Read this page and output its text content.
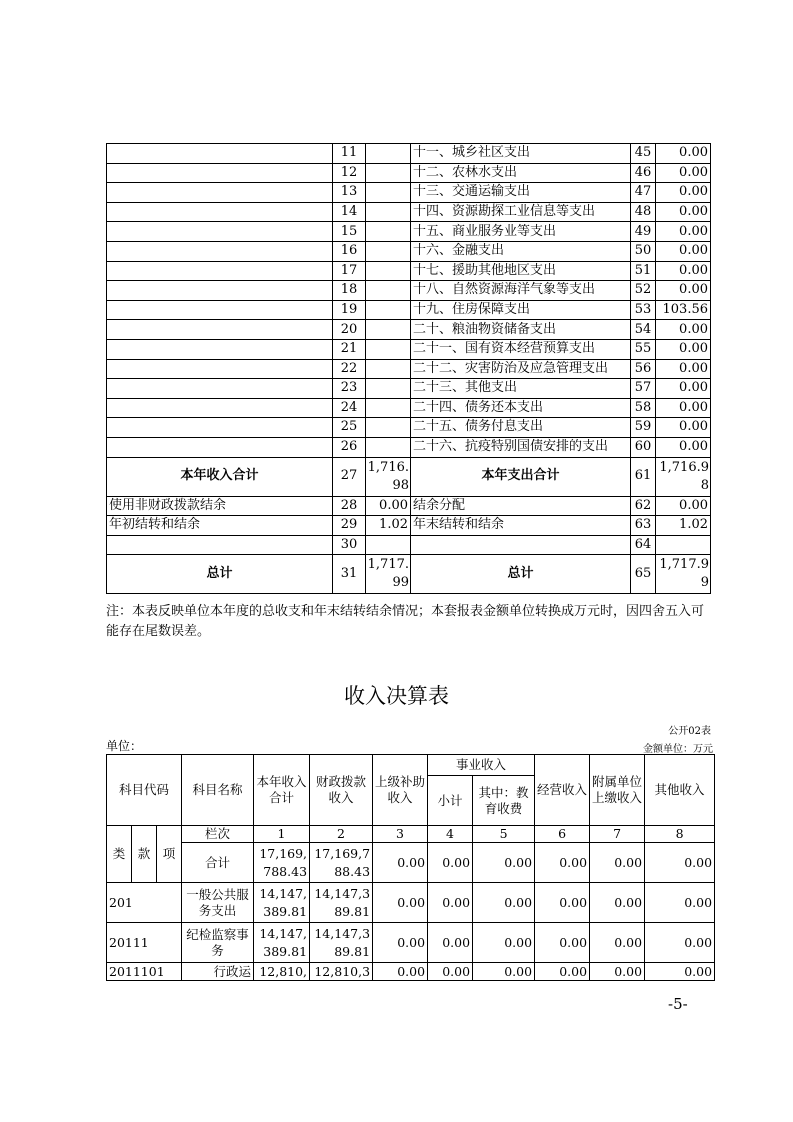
	11		十一、城乡社区支出	45	0.00
	12		十二、农林水支出	46	0.00
	13		十三、交通运输支出	47	0.00
	14		十四、资源勘探工业信息等支出	48	0.00
	15		十五、商业服务业等支出	49	0.00
	16		十六、金融支出	50	0.00
	17		十七、援助其他地区支出	51	0.00
	18		十八、自然资源海洋气象等支出	52	0.00
	19		十九、住房保障支出	53	103.56
	20		二十、粮油物资储备支出	54	0.00
	21		二十一、国有资本经营预算支出	55	0.00
	22		二十二、灾害防治及应急管理支出	56	0.00
	23		二十三、其他支出	57	0.00
	24		二十四、债务还本支出	58	0.00
	25		二十五、债务付息支出	59	0.00
	26		二十六、抗疫特别国债安排的支出	60	0.00
本年收入合计	27	1,716.98	本年支出合计	61	1,716.98
使用非财政拨款结余	28	0.00	结余分配	62	0.00
年初结转和结余	29	1.02	年末结转和结余	63	1.02
	30			64	
总计	31	1,717.99	总计	65	1,717.99
注：本表反映单位本年度的总收支和年末结转结余情况；本套报表金额单位转换成万元时，因四舍五入可能存在尾数误差。
收入决算表
公开02表
单位：	金额单位：万元
科目代码			科目名称	本年收入合计	财政拨款收入	上级补助收入	事业收入		经营收入	附属单位上缴收入	其他收入
							小计	其中：教育收费			

类	款	项	栏次	1	2	3	4	5	6	7	8
			合计	17,169,788.43	17,169,788.43	0.00	0.00	0.00	0.00	0.00	0.00
201			一般公共服务支出	14,147,389.81	14,147,389.81	0.00	0.00	0.00	0.00	0.00	0.00
20111			纪检监察事务	14,147,389.81	14,147,389.81	0.00	0.00	0.00	0.00	0.00	0.00
2011101			行政运	12,810,	12,810,3	0.00	0.00	0.00	0.00	0.00	0.00
-5-
